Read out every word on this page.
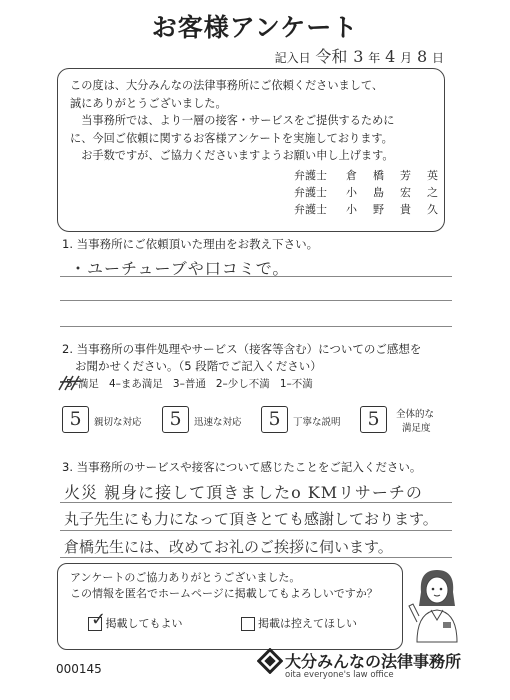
お客様アンケート
記入日 令和 3 年 4 月 8 日

この度は、大分みんなの法律事務所にご依頼くださいまして、

誠にありがとうございました。

当事務所では、より一層の接客・サービスをご提供するために

に、今回ご依頼に関するお客様アンケートを実施しております。

お手数ですが、ご協力くださいますようお願い申し上げます。

弁護士	倉 橋 芳 英
弁護士	小 島 宏 之
弁護士	小 野 貴 久
1. 当事務所にご依頼頂いた理由をお教え下さい。
・ユーチューブや口コミで。
2. 当事務所の事件処理やサービス（接客等含む）についてのご感想を
お聞かせください。（5 段階でご記入ください）
5–満足 4–まあ満足 3–普通 2–少し不満 1–不満
5	親切な対応	5	迅速な対応	5	丁寧な説明	5	全体的な
満足度
3. 当事務所のサービスや接客について感じたことをご記入ください。
火災 親身に接して頂きましたo KMリサーチの
丸子先生にも力になって頂きとても感謝しております。
倉橋先生には、改めてお礼のご挨拶に伺います。
アンケートのご協力ありがとうございました。
この情報を匿名でホームページに掲載してもよろしいですか？
✓ 掲載してもよい	掲載は控えてほしい
000145	大分みんなの法律事務所
oita everyone's law office
